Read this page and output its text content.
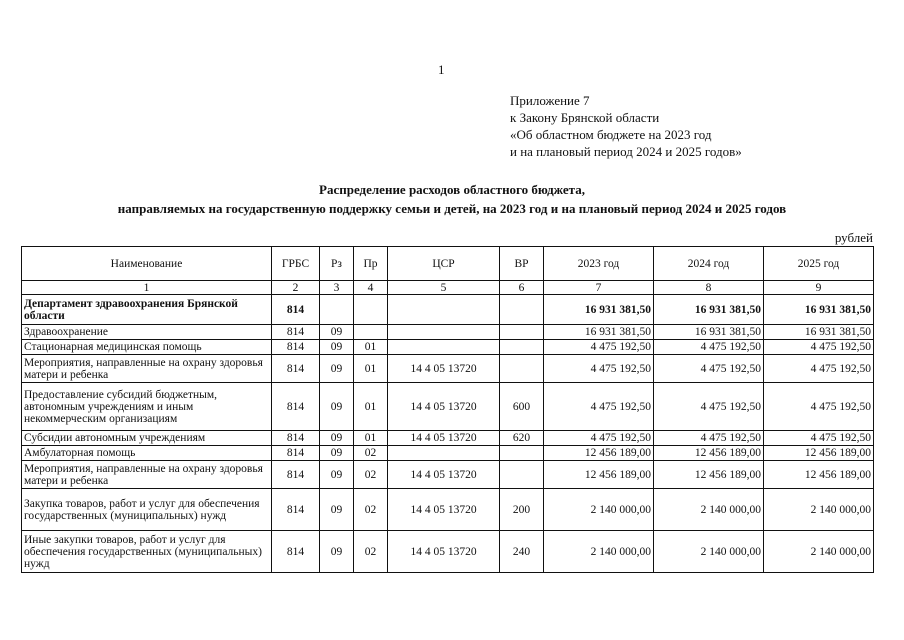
1
Приложение 7
к Закону Брянской области
«Об областном бюджете на 2023 год
и на плановый период 2024 и 2025 годов»
Распределение расходов областного бюджета,
направляемых на государственную поддержку семьи и детей, на 2023 год и на плановый период 2024 и 2025 годов
рублей
Наименование	ГРБС	Рз	Пр	ЦСР	ВР	2023 год	2024 год	2025 год
1	2	3	4	5	6	7	8	9
Департамент здравоохранения Брянской области	814					16 931 381,50	16 931 381,50	16 931 381,50
Здравоохранение	814	09				16 931 381,50	16 931 381,50	16 931 381,50
Стационарная медицинская помощь	814	09	01			4 475 192,50	4 475 192,50	4 475 192,50
Мероприятия, направленные на охрану здоровья матери и ребенка	814	09	01	14 4 05 13720		4 475 192,50	4 475 192,50	4 475 192,50
Предоставление субсидий бюджетным, автономным учреждениям и иным некоммерческим организациям	814	09	01	14 4 05 13720	600	4 475 192,50	4 475 192,50	4 475 192,50
Субсидии автономным учреждениям	814	09	01	14 4 05 13720	620	4 475 192,50	4 475 192,50	4 475 192,50
Амбулаторная помощь	814	09	02			12 456 189,00	12 456 189,00	12 456 189,00
Мероприятия, направленные на охрану здоровья матери и ребенка	814	09	02	14 4 05 13720		12 456 189,00	12 456 189,00	12 456 189,00
Закупка товаров, работ и услуг для обеспечения государственных (муниципальных) нужд	814	09	02	14 4 05 13720	200	2 140 000,00	2 140 000,00	2 140 000,00
Иные закупки товаров, работ и услуг для обеспечения государственных (муниципальных) нужд	814	09	02	14 4 05 13720	240	2 140 000,00	2 140 000,00	2 140 000,00
